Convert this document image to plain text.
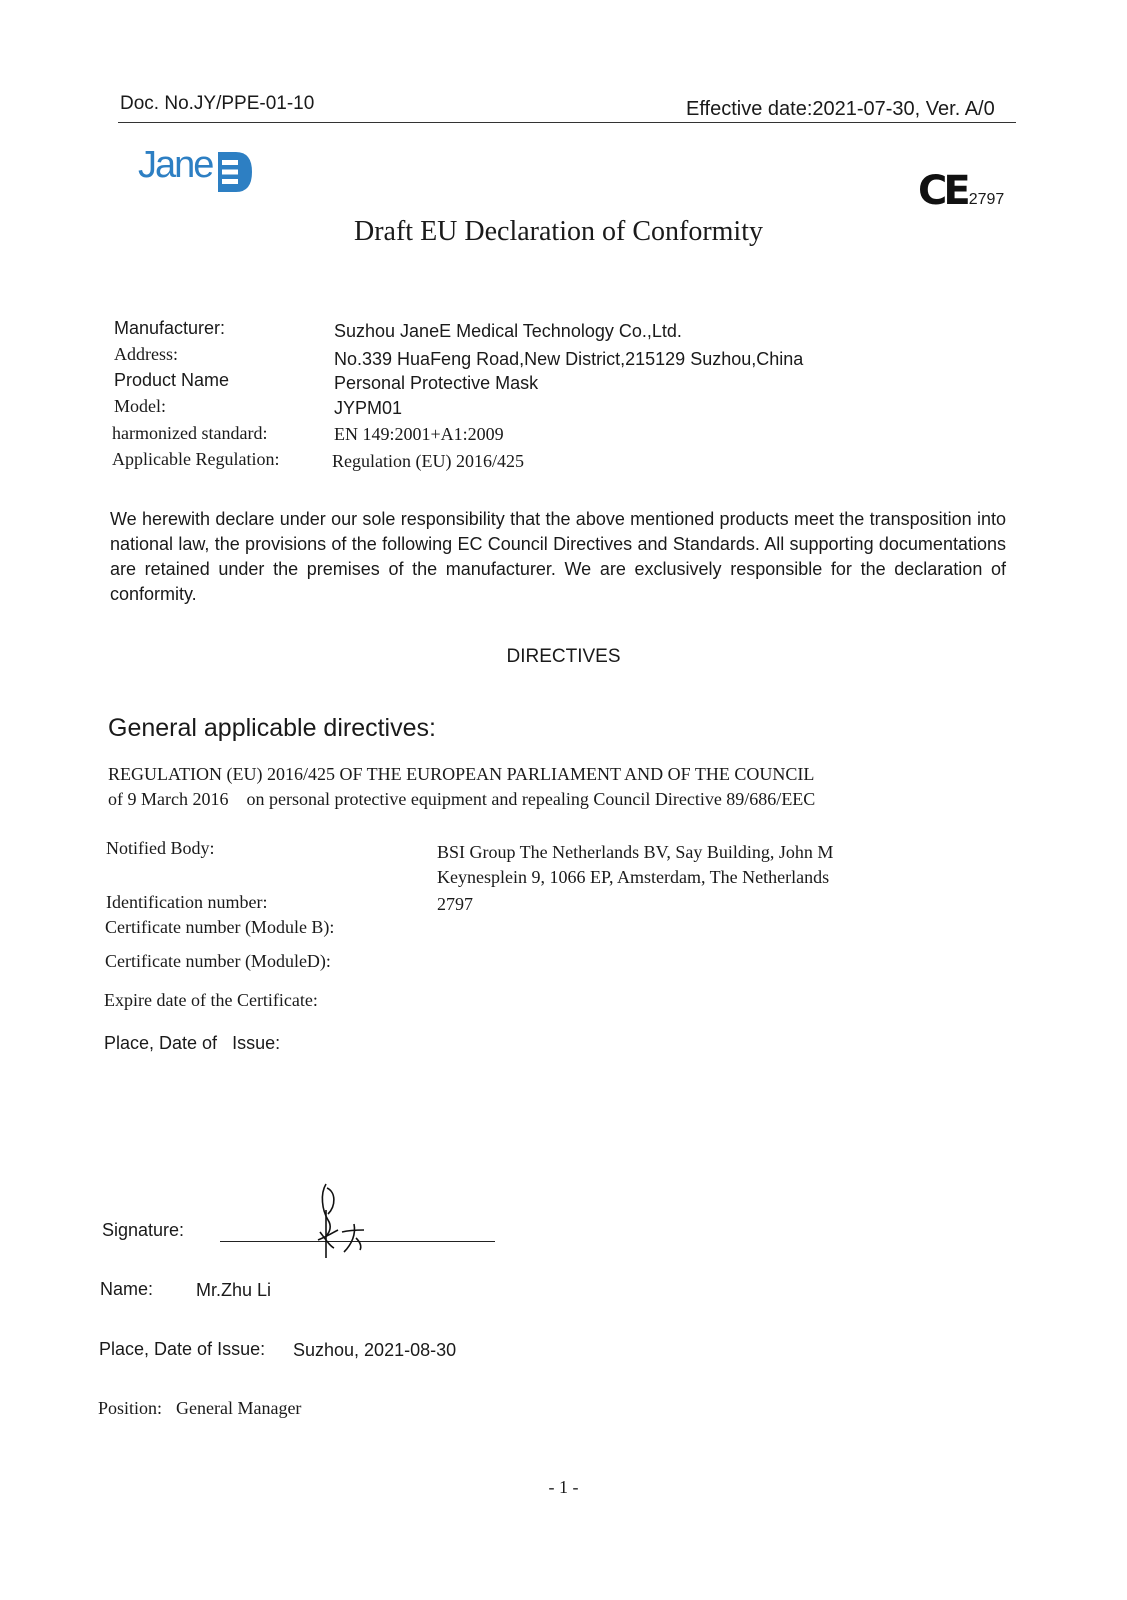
Doc. No.JY/PPE-01-10	Effective date:2021-07-30, Ver. A/0
Jane
CE 2797
Draft EU Declaration of Conformity
Manufacturer:	Suzhou JaneE Medical Technology Co.,Ltd.
Address:	No.339 HuaFeng Road,New District,215129 Suzhou,China
Product Name	Personal Protective Mask
Model:	JYPM01
harmonized standard:	EN 149:2001+A1:2009
Applicable Regulation:	Regulation (EU) 2016/425

We herewith declare under our sole responsibility that the above mentioned products meet the transposition into national law, the provisions of the following EC Council Directives and Standards. All supporting documentations are retained under the premises of the manufacturer. We are exclusively responsible for the declaration of conformity.

DIRECTIVES
General applicable directives:
REGULATION (EU) 2016/425 OF THE EUROPEAN PARLIAMENT AND OF THE COUNCIL
of 9 March 2016    on personal protective equipment and repealing Council Directive 89/686/EEC
Notified Body:	BSI Group The Netherlands BV, Say Building, John M
Keynesplein 9, 1066 EP, Amsterdam, The Netherlands
Identification number:	2797
Certificate number (Module B):
Certificate number (ModuleD):
Expire date of the Certificate:
Place, Date of   Issue:
Signature:
Name: Mr.Zhu Li
Place, Date of Issue: Suzhou, 2021-08-30
Position: General Manager
- 1 -
